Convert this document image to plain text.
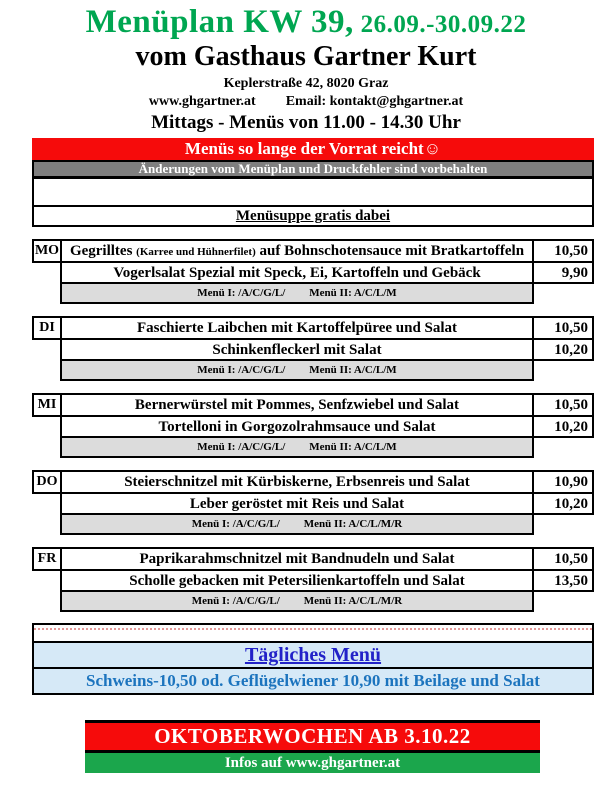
Menüplan KW 39, 26.09.-30.09.22
vom Gasthaus Gartner Kurt
Keplerstraße 42, 8020 Graz
www.ghgartner.at Email: kontakt@ghgartner.at
Mittags - Menüs von 11.00 - 14.30 Uhr
Menüs so lange der Vorrat reicht☺
Änderungen vom Menüplan und Druckfehler sind vorbehalten
Menüsuppe gratis dabei
MO Gegrilltes (Karree und Hühnerfilet) auf Bohnschotensauce mit Bratkartoffeln	10,50
Vogerlsalat Spezial mit Speck, Ei, Kartoffeln und Gebäck	9,90
Menü I: /A/C/G/L/ Menü II: A/C/L/M
DI	Faschierte Laibchen mit Kartoffelpüree und Salat	10,50
Schinkenfleckerl mit Salat	10,20
Menü I: /A/C/G/L/ Menü II: A/C/L/M
MI	Bernerwürstel mit Pommes, Senfzwiebel und Salat	10,50
Tortelloni in Gorgozolrahmsauce und Salat	10,20
Menü I: /A/C/G/L/ Menü II: A/C/L/M
DO	Steierschnitzel mit Kürbiskerne, Erbsenreis und Salat	10,90
Leber geröstet mit Reis und Salat	10,20
Menü I: /A/C/G/L/ Menü II: A/C/L/M/R
FR	Paprikarahmschnitzel mit Bandnudeln und Salat	10,50
Scholle gebacken mit Petersilienkartoffeln und Salat	13,50
Menü I: /A/C/G/L/ Menü II: A/C/L/M/R
Tägliches Menü
Schweins-10,50 od. Geflügelwiener 10,90 mit Beilage und Salat
OKTOBERWOCHEN AB 3.10.22
Infos auf www.ghgartner.at
